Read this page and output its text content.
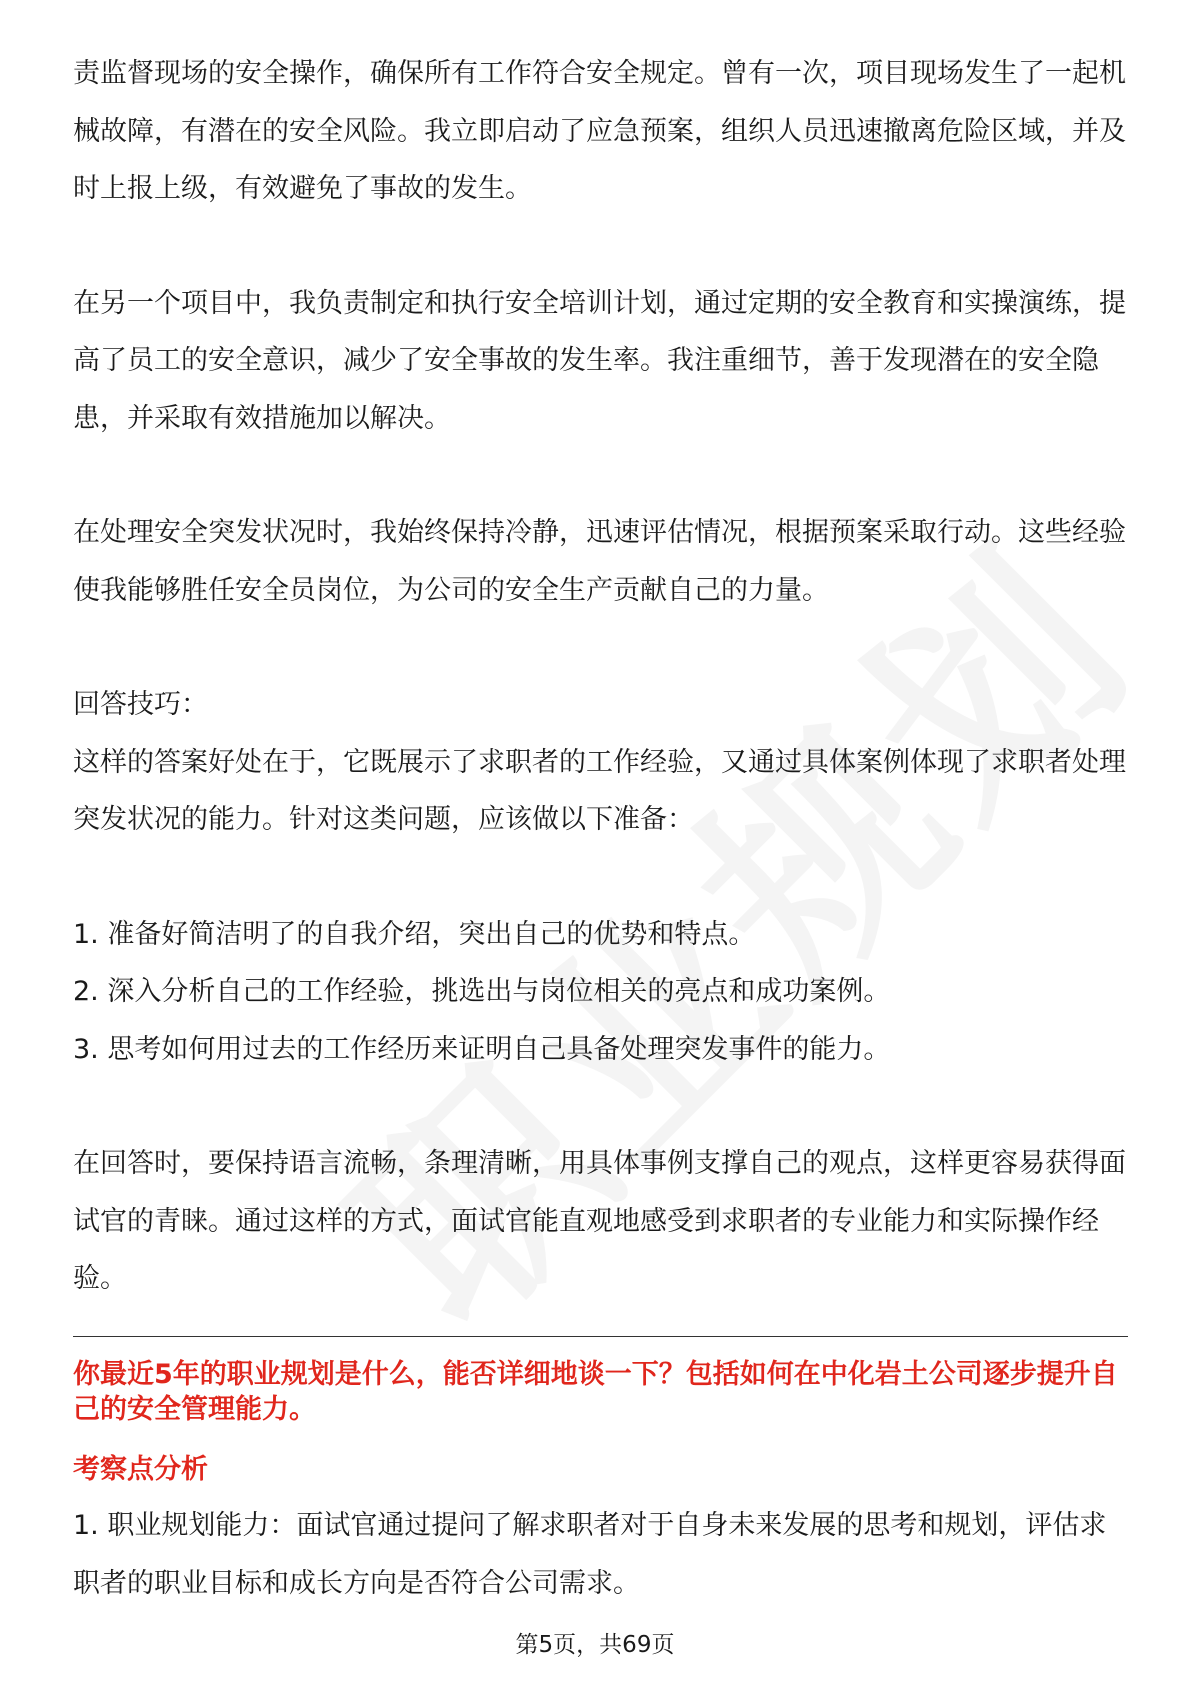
责监督现场的安全操作，确保所有工作符合安全规定。曾有一次，项目现场发生了一起机械故障，有潜在的安全风险。我立即启动了应急预案，组织人员迅速撤离危险区域，并及时上报上级，有效避免了事故的发生。

在另一个项目中，我负责制定和执行安全培训计划，通过定期的安全教育和实操演练，提高了员工的安全意识，减少了安全事故的发生率。我注重细节，善于发现潜在的安全隐患，并采取有效措施加以解决。

在处理安全突发状况时，我始终保持冷静，迅速评估情况，根据预案采取行动。这些经验使我能够胜任安全员岗位，为公司的安全生产贡献自己的力量。

回答技巧：

这样的答案好处在于，它既展示了求职者的工作经验，又通过具体案例体现了求职者处理突发状况的能力。针对这类问题，应该做以下准备：

1. 准备好简洁明了的自我介绍，突出自己的优势和特点。

2. 深入分析自己的工作经验，挑选出与岗位相关的亮点和成功案例。

3. 思考如何用过去的工作经历来证明自己具备处理突发事件的能力。

在回答时，要保持语言流畅，条理清晰，用具体事例支撑自己的观点，这样更容易获得面试官的青睐。通过这样的方式，面试官能直观地感受到求职者的专业能力和实际操作经验。

你最近5年的职业规划是什么，能否详细地谈一下？包括如何在中化岩土公司逐步提升自己的安全管理能力。

考察点分析

1. 职业规划能力：面试官通过提问了解求职者对于自身未来发展的思考和规划，评估求职者的职业目标和成长方向是否符合公司需求。

第5页，共69页
